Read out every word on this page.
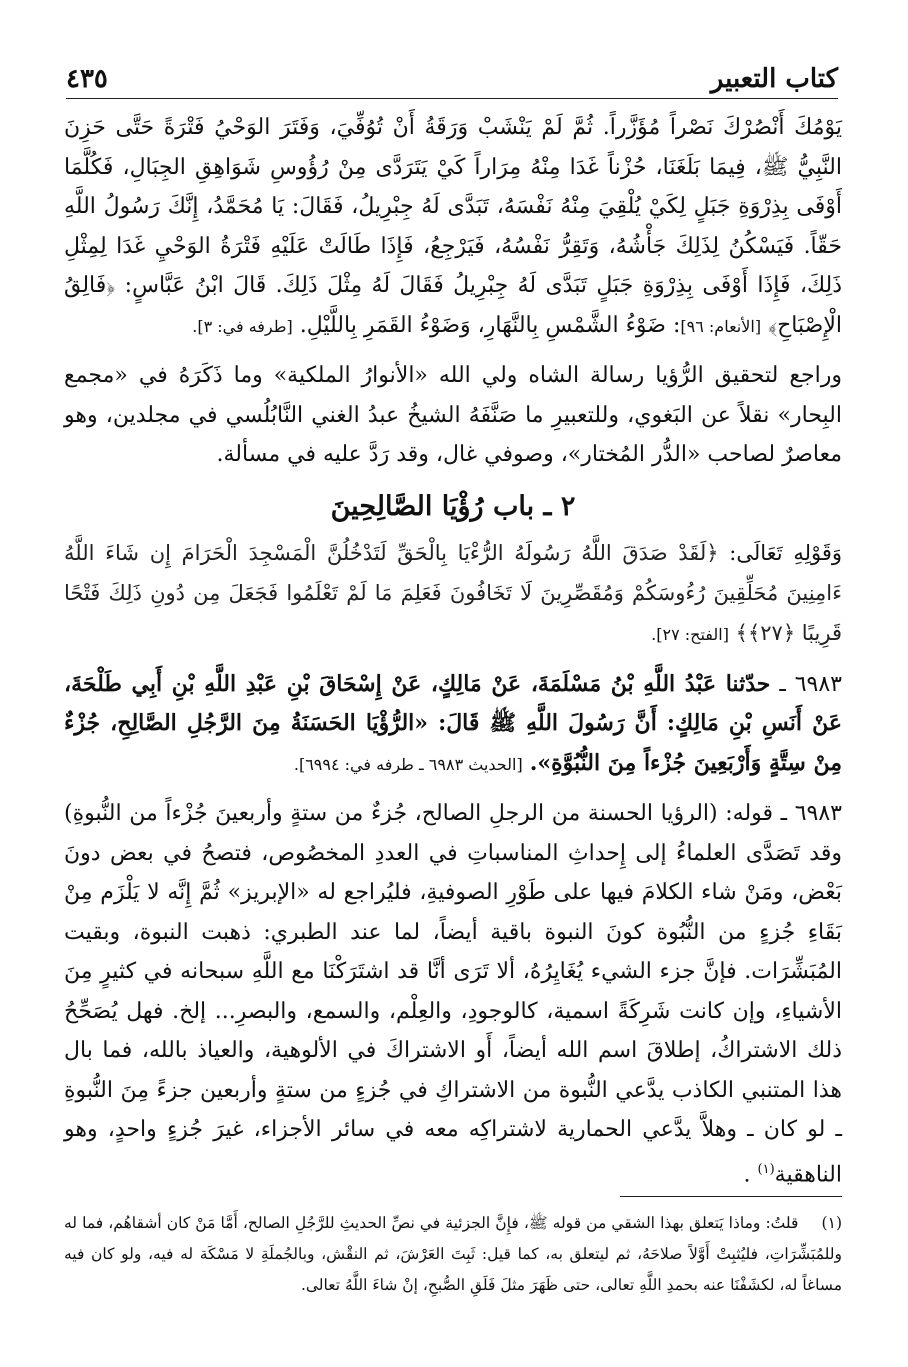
كتاب التعبير
٤٣٥

يَوْمُكَ أَنْصُرْكَ نَصْراً مُؤَزَّراً. ثُمَّ لَمْ يَنْشَبْ وَرَقَةُ أَنْ تُوُفِّيَ، وَفَتَرَ الوَحْيُ فَتْرَةً حَتَّى حَزِنَ النَّبِيُّ ﷺ، فِيمَا بَلَغَنَا، حُزْناً غَدَا مِنْهُ مِرَاراً كَيْ يَتَرَدَّى مِنْ رُؤُوسِ شَوَاهِقِ الجِبَالِ، فَكُلَّمَا أَوْفَى بِذِرْوَةِ جَبَلٍ لِكَيْ يُلْقِيَ مِنْهُ نَفْسَهُ، تَبَدَّى لَهُ جِبْرِيلُ، فَقَالَ: يَا مُحَمَّدُ، إِنَّكَ رَسُولُ اللَّهِ حَقّاً. فَيَسْكُنُ لِذَلِكَ جَأْشُهُ، وَتَقِرُّ نَفْسُهُ، فَيَرْجِعُ، فَإِذَا طَالَتْ عَلَيْهِ فَتْرَةُ الوَحْيِ غَدَا لِمِثْلِ ذَلِكَ، فَإِذَا أَوْفَى بِذِرْوَةِ جَبَلٍ تَبَدَّى لَهُ جِبْرِيلُ فَقَالَ لَهُ مِثْلَ ذَلِكَ. قَالَ ابْنُ عَبَّاسٍ: ﴿فَالِقُ الْإِصْبَاحِ﴾ [الأنعام: ٩٦]: ضَوْءُ الشَّمْسِ بِالنَّهَارِ، وَضَوْءُ القَمَرِ بِاللَّيْلِ. [طرفه في: ٣].

وراجع لتحقيق الرُّؤيا رسالة الشاه ولي الله «الأنوارُ الملكية» وما ذَكَرَهُ في «مجمع البِحار» نقلاً عن البَغوي، وللتعبيرِ ما صَنَّفَهُ الشيخُ عبدُ الغني النَّابُلُسي في مجلدين، وهو معاصرٌ لصاحب «الدُّر المُختار»، وصوفي غال، وقد رَدَّ عليه في مسألة.

٢ ـ باب رُؤْيَا الصَّالِحِينَ

وَقَوْلِهِ تَعَالَى: ﴿لَقَدْ صَدَقَ اللَّهُ رَسُولَهُ الرُّءْيَا بِالْحَقِّ لَتَدْخُلُنَّ الْمَسْجِدَ الْحَرَامَ إِن شَاءَ اللَّهُ ءَامِنِينَ مُحَلِّقِينَ رُءُوسَكُمْ وَمُقَصِّرِينَ لَا تَخَافُونَ فَعَلِمَ مَا لَمْ تَعْلَمُوا فَجَعَلَ مِن دُونِ ذَلِكَ فَتْحًا قَرِيبًا ﴿٢٧﴾﴾ [الفتح: ٢٧].

٦٩٨٣ ـ حدّثنا عَبْدُ اللَّهِ بْنُ مَسْلَمَةَ، عَنْ مَالِكٍ، عَنْ إِسْحَاقَ بْنِ عَبْدِ اللَّهِ بْنِ أَبِي طَلْحَةَ، عَنْ أَنَسِ بْنِ مَالِكٍ: أَنَّ رَسُولَ اللَّهِ ﷺ قَالَ: «الرُّؤْيَا الحَسَنَةُ مِنَ الرَّجُلِ الصَّالِحِ، جُزْءٌ مِنْ سِتَّةٍ وَأَرْبَعِينَ جُزْءاً مِنَ النُّبُوَّةِ». [الحديث ٦٩٨٣ ـ طرفه في: ٦٩٩٤].

٦٩٨٣ ـ قوله: (الرؤيا الحسنة من الرجلِ الصالح، جُزءٌ من ستةٍ وأربعينَ جُزْءاً من النُّبوةِ) وقد تَصَدَّى العلماءُ إلى إِحداثِ المناسباتِ في العددِ المخصُوص، فتصحُ في بعض دونَ بَعْض، ومَنْ شاء الكلامَ فيها على طَوْرِ الصوفيةِ، فليُراجع له «الإبريز» ثُمَّ إِنَّه لا يَلْزَم مِنْ بَقَاءِ جُزءٍ من النُّبُوة كونَ النبوة باقية أيضاً، لما عند الطبري: ذهبت النبوة، وبقيت المُبَشِّرَات. فإنَّ جزء الشيء يُغَايِرُهُ، ألا تَرَى أنَّا قد اشتَرَكْنَا مع اللَّهِ سبحانه في كثيرٍ مِنَ الأشياءِ، وإن كانت شَرِكَةً اسمية، كالوجودِ، والعِلْم، والسمع، والبصرِ... إلخ. فهل يُصَحِّحُ ذلك الاشتراكُ، إطلاقَ اسم الله أيضاً، أَو الاشتراكَ في الألوهية، والعياذ بالله، فما بال هذا المتنبي الكاذب يدَّعي النُّبوة من الاشتراكِ في جُزءٍ من ستةٍ وأربعين جزءً مِنَ النُّبوةِ ـ لو كان ـ وهلاَّ يدَّعي الحمارية لاشتراكِه معه في سائر الأجزاء، غيرَ جُزءٍ واحدٍ، وهو الناهقية$^{(١)}$ .

(١) قلتُ: وماذا يَتعلق بهذا الشقي من قوله ﷺ، فإِنَّ الجزئية في نصِّ الحديثِ للرَّجُلِ الصالح، أَمَّا مَنْ كان أشقاهُم، فما له وللمُبَشِّرَاتِ، فليُثبِتْ أَوَّلاً صلاحَهُ، ثم ليتعلق به، كما قيل: ثَبِتَ العَرْشَ، ثم النقْش، وبالجُملَةِ لا مَسْكَة له فيه، ولو كان فيه مساغاً له، لكشَفْنَا عنه بحمدِ اللَّهِ تعالى، حتى ظَهَرَ مثلَ فَلَقِ الصُّبحِ، إنْ شاءَ اللَّهُ تعالى.
